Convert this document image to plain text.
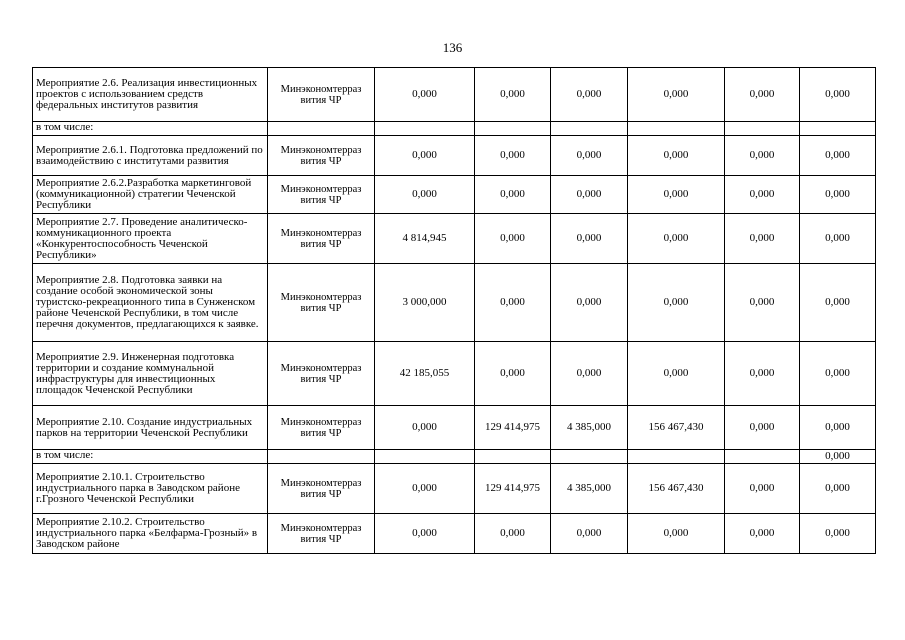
136
Мероприятие 2.6. Реализация инвестиционных проектов с использованием средств федеральных институтов развития	Минэкономтерраз вития ЧР	0,000	0,000	0,000	0,000	0,000	0,000
в том числе:							
Мероприятие 2.6.1. Подготовка предложений по взаимодействию с институтами развития	Минэкономтерраз вития ЧР	0,000	0,000	0,000	0,000	0,000	0,000
Мероприятие 2.6.2.Разработка маркетинговой (коммуникационной) стратегии Чеченской Республики	Минэкономтерраз вития ЧР	0,000	0,000	0,000	0,000	0,000	0,000
Мероприятие 2.7. Проведение аналитическо-коммуникационного проекта «Конкурентоспособность Чеченской Республики»	Минэкономтерраз вития ЧР	4 814,945	0,000	0,000	0,000	0,000	0,000
Мероприятие 2.8. Подготовка заявки на создание особой экономической зоны туристско-рекреационного типа в Сунженском районе Чеченской Республики, в том числе перечня документов, предлагающихся к заявке.	Минэкономтерраз вития ЧР	3 000,000	0,000	0,000	0,000	0,000	0,000
Мероприятие 2.9. Инженерная подготовка территории и создание коммунальной инфраструктуры для инвестиционных площадок Чеченской Республики	Минэкономтерраз вития ЧР	42 185,055	0,000	0,000	0,000	0,000	0,000
Мероприятие 2.10. Создание индустриальных парков на территории Чеченской Республики	Минэкономтерраз вития ЧР	0,000	129 414,975	4 385,000	156 467,430	0,000	0,000
в том числе:							0,000
Мероприятие 2.10.1. Строительство индустриального парка в Заводском районе г.Грозного Чеченской Республики	Минэкономтерраз вития ЧР	0,000	129 414,975	4 385,000	156 467,430	0,000	0,000
Мероприятие 2.10.2. Строительство индустриального парка «Белфарма-Грозный» в Заводском районе	Минэкономтерраз вития ЧР	0,000	0,000	0,000	0,000	0,000	0,000
